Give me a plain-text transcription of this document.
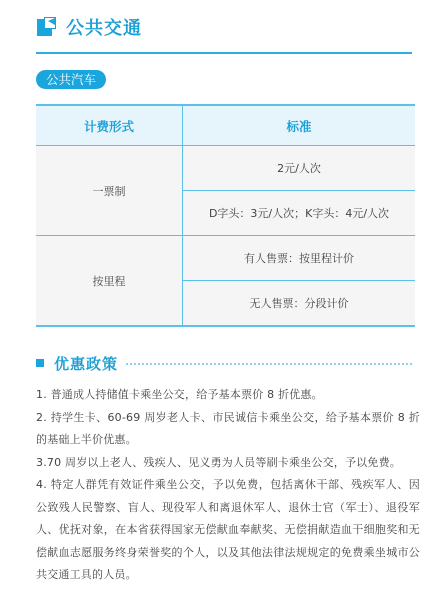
公共交通
公共汽车
计费形式	标准
一票制
2元/人次
D字头：3元/人次；K字头：4元/人次
按里程
有人售票：按里程计价
无人售票：分段计价
优惠政策

1. 普通成人持储值卡乘坐公交，给予基本票价 8 折优惠。

2. 持学生卡、60-69 周岁老人卡、市民诚信卡乘坐公交，给予基本票价 8 折的基础上半价优惠。

3.70 周岁以上老人、残疾人、见义勇为人员等刷卡乘坐公交，予以免费。

4. 特定人群凭有效证件乘坐公交，予以免费，包括离休干部、残疾军人、因公致残人民警察、盲人、现役军人和离退休军人、退休士官（军士）、退役军人、优抚对象，在本省获得国家无偿献血奉献奖、无偿捐献造血干细胞奖和无偿献血志愿服务终身荣誉奖的个人，以及其他法律法规规定的免费乘坐城市公共交通工具的人员。
